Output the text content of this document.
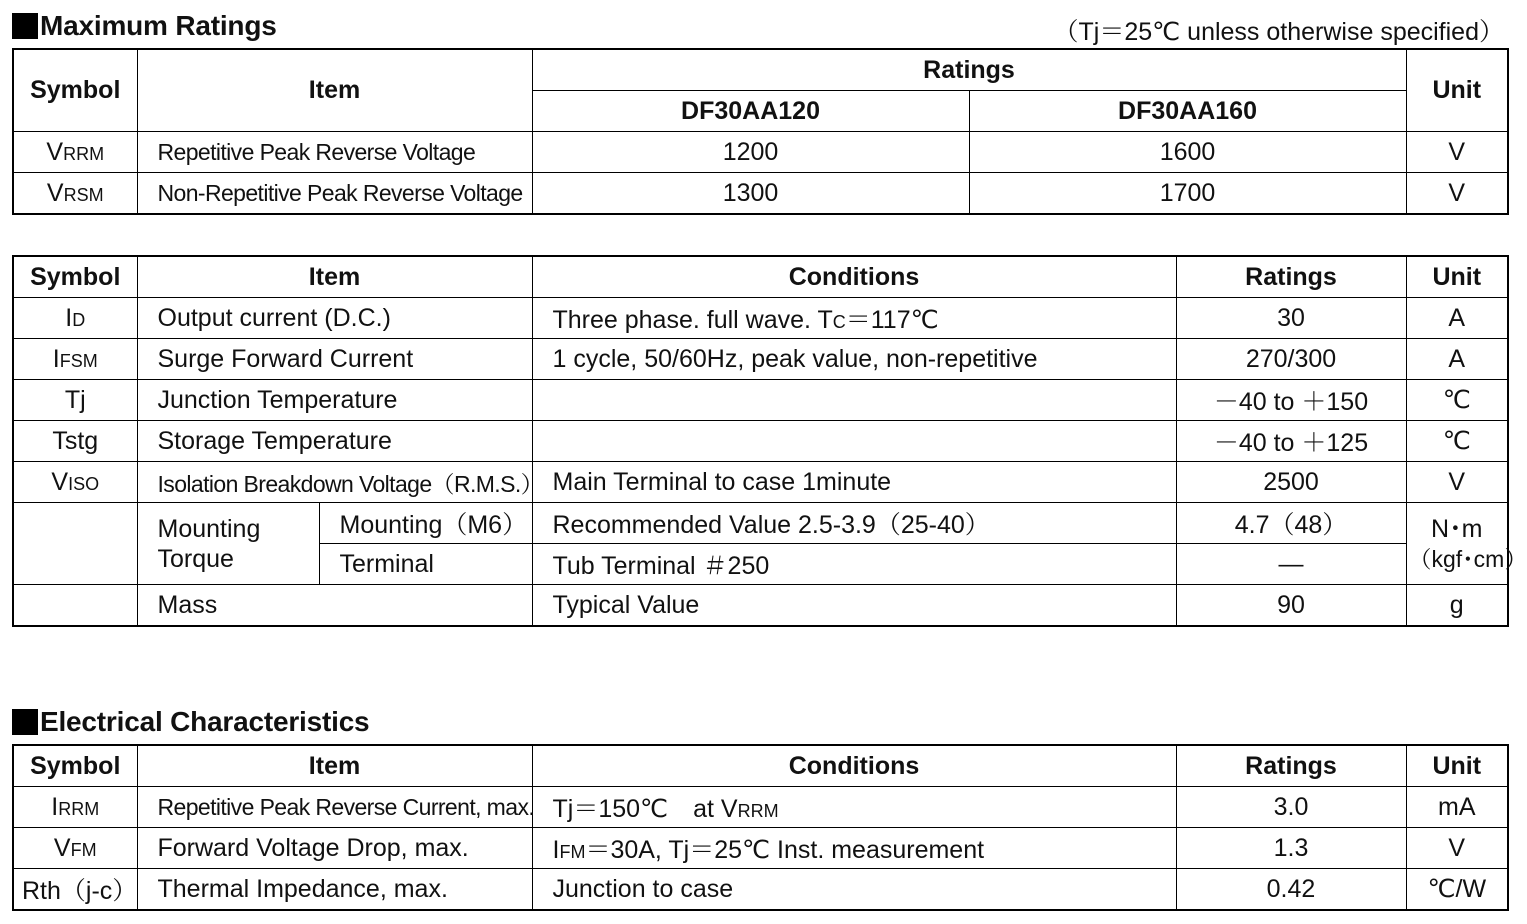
Maximum Ratings	（Tj＝25℃ unless otherwise specified）
Symbol	Item	Ratings		Unit
		DF30AA120	DF30AA160	
VRRM	Repetitive Peak Reverse Voltage	1200	1600	V
VRSM	Non-Repetitive Peak Reverse Voltage	1300	1700	V
Symbol	Item		Conditions	Ratings	Unit
ID	Output current (D.C.)		Three phase. full wave. TC＝117℃	30	A
IFSM	Surge Forward Current		1 cycle, 50/60Hz, peak value, non-repetitive	270/300	A
Tj	Junction Temperature			－40 to ＋150	℃
Tstg	Storage Temperature			－40 to ＋125	℃
VISO	Isolation Breakdown Voltage（R.M.S.）		Main Terminal to case 1minute	2500	V
	Mounting Torque	Mounting（M6）	Recommended Value 2.5-3.9（25-40）	4.7（48）	N･m
（kgf･cm）

		Terminal	Tub Terminal ＃250	―	
	Mass		Typical Value	90	g
Electrical Characteristics
Symbol	Item	Conditions	Ratings	Unit
IRRM	Repetitive Peak Reverse Current, max.	Tj＝150℃　at VRRM	3.0	mA
VFM	Forward Voltage Drop, max.	IFM＝30A, Tj＝25℃ Inst. measurement	1.3	V
Rth（j-c）	Thermal Impedance, max.	Junction to case	0.42	℃/W
